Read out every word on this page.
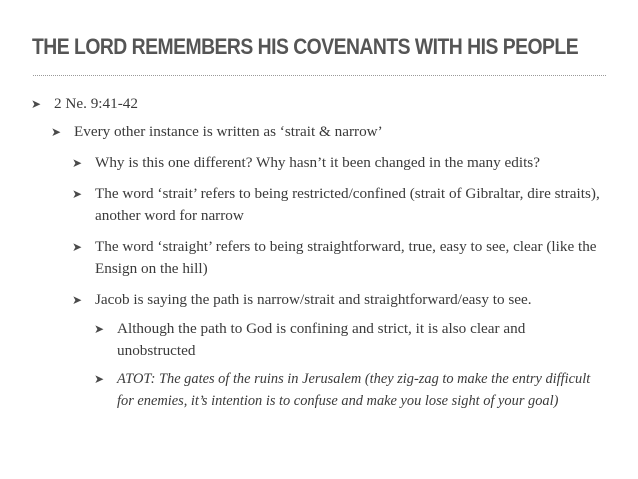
THE LORD REMEMBERS HIS COVENANTS WITH HIS PEOPLE
➤ 2 Ne. 9:41-42
➤ Every other instance is written as ‘strait & narrow’
➤ Why is this one different? Why hasn’t it been changed in the many edits?
➤ The word ‘strait’ refers to being restricted/confined (strait of Gibraltar, dire straits), another word for narrow
➤ The word ‘straight’ refers to being straightforward, true, easy to see, clear (like the Ensign on the hill)
➤ Jacob is saying the path is narrow/strait and straightforward/easy to see.
➤ Although the path to God is confining and strict, it is also clear and unobstructed
➤ ATOT: The gates of the ruins in Jerusalem (they zig-zag to make the entry difficult for enemies, it’s intention is to confuse and make you lose sight of your goal)
